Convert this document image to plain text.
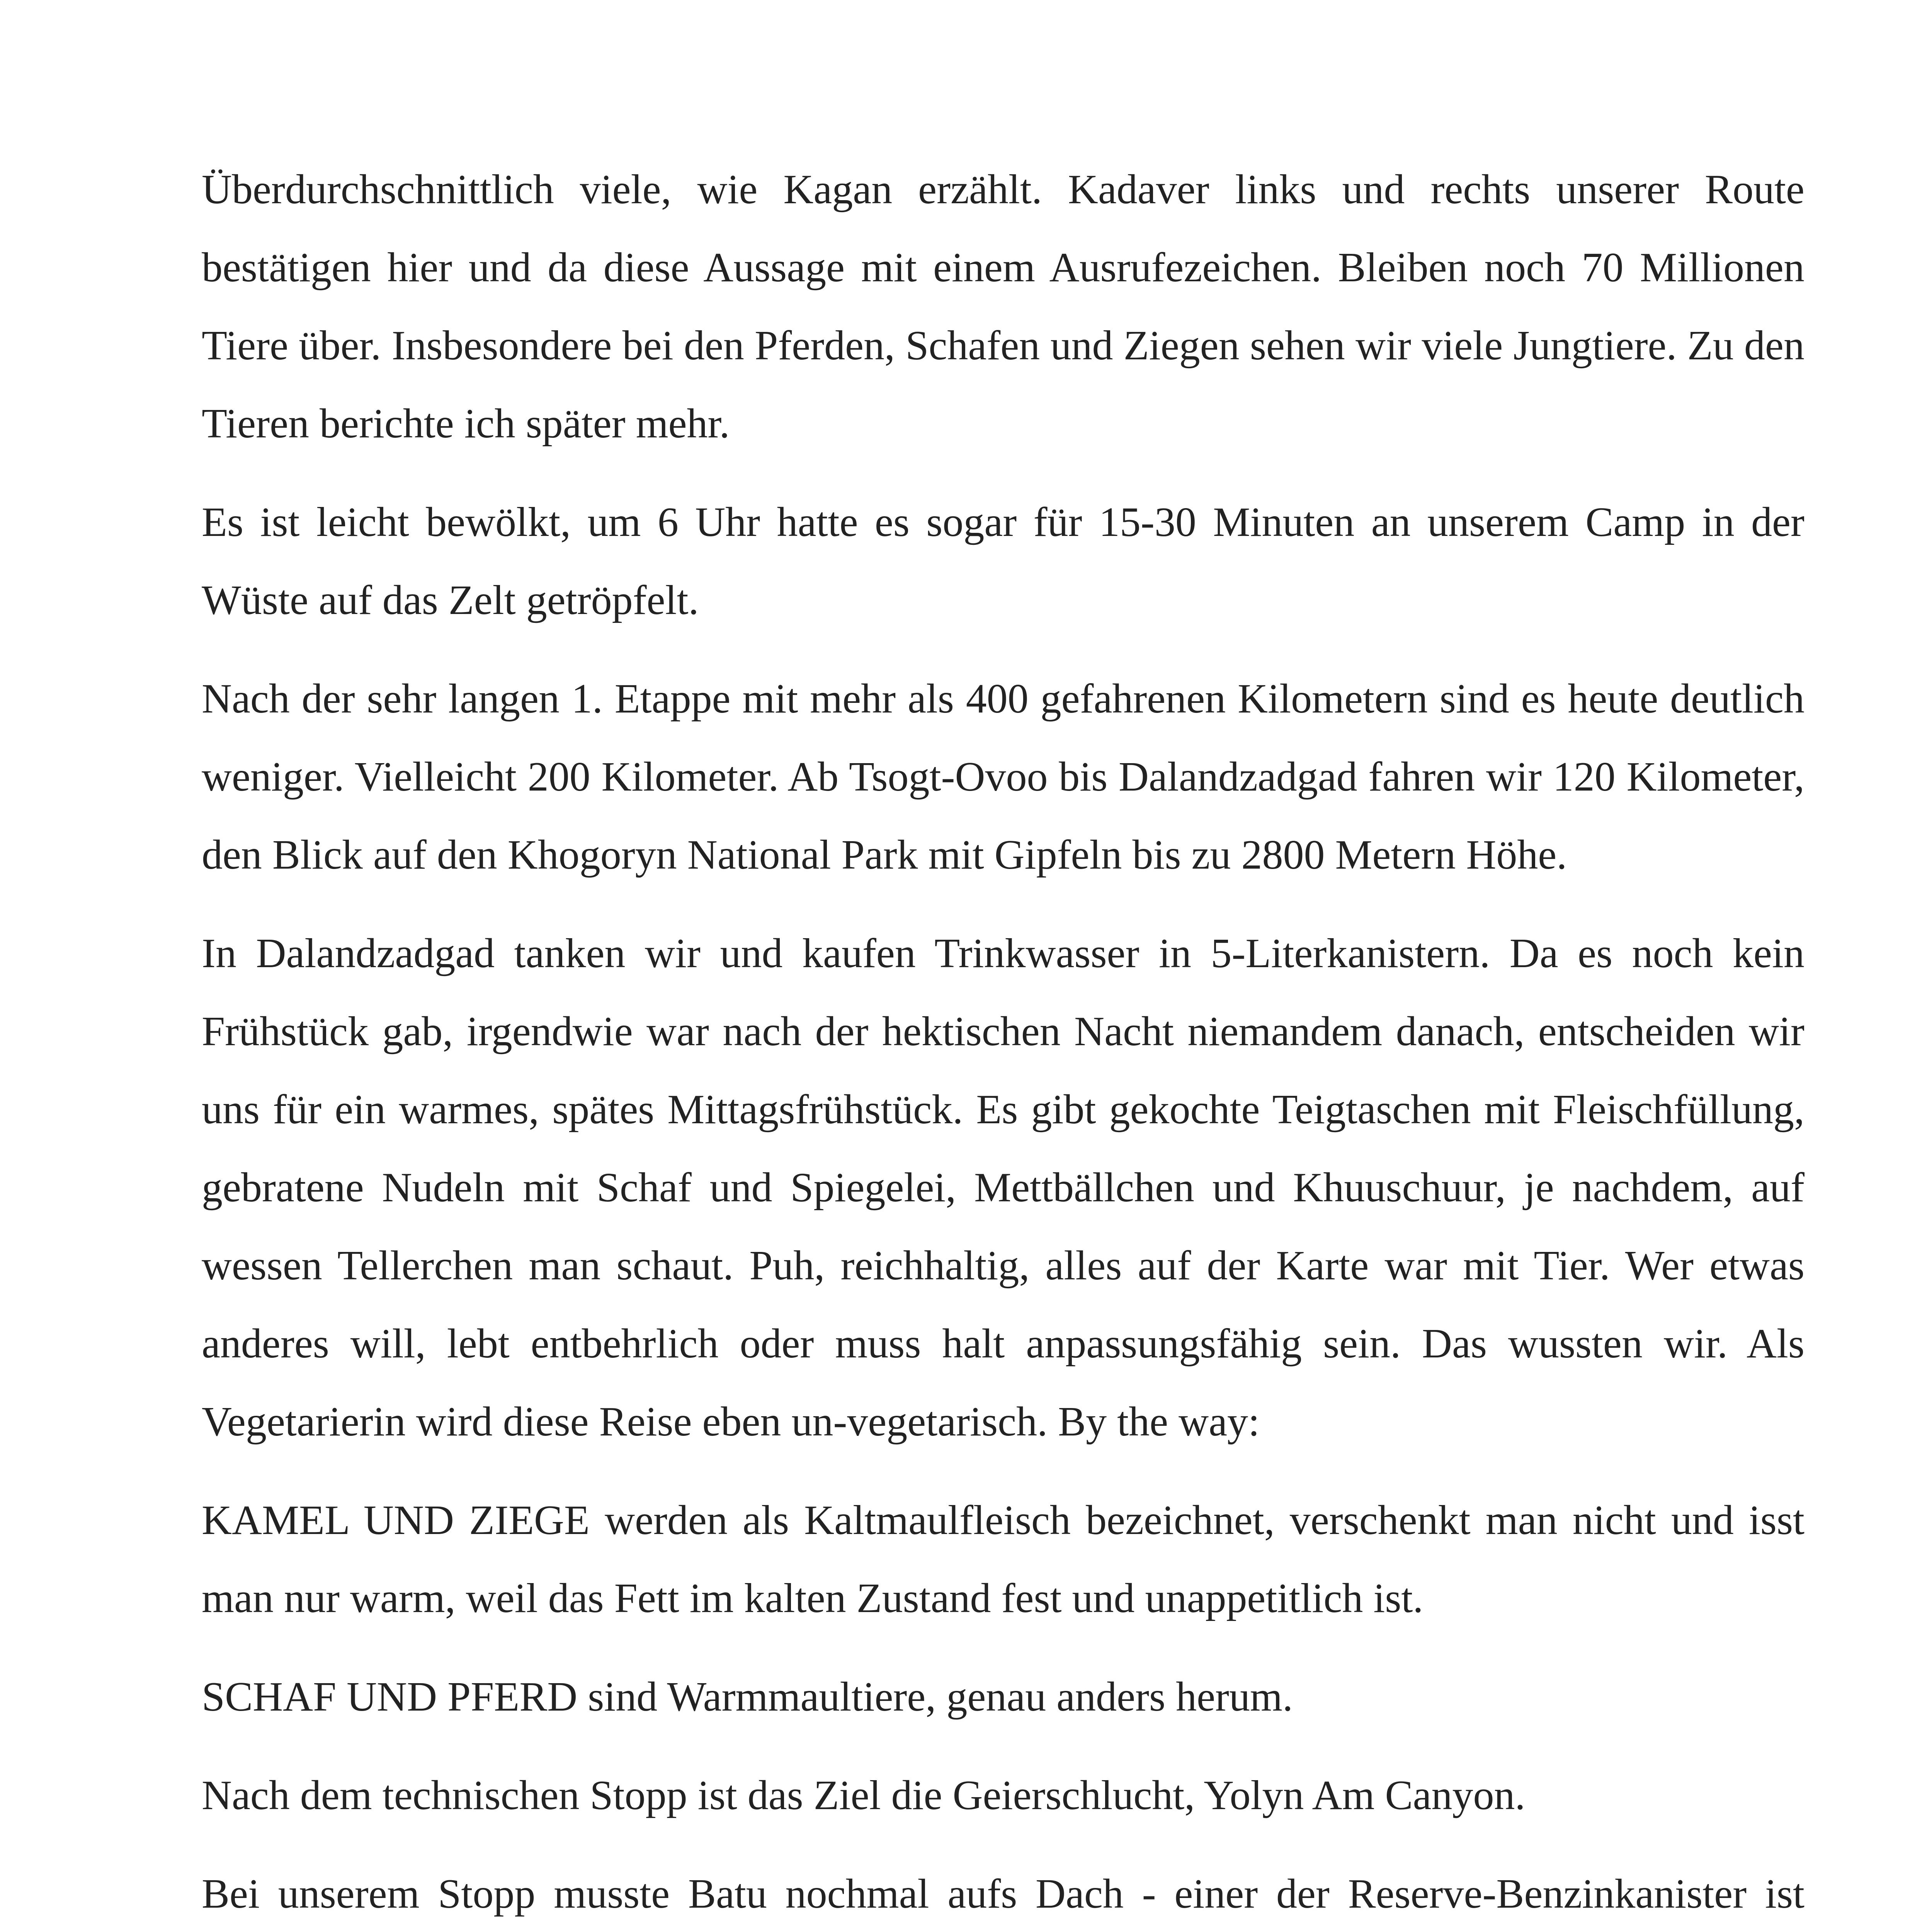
Überdurchschnittlich viele, wie Kagan erzählt. Kadaver links und rechts unserer Route bestätigen hier und da diese Aussage mit einem Ausrufezeichen. Bleiben noch 70 Millionen Tiere über. Insbesondere bei den Pferden, Schafen und Ziegen sehen wir viele Jungtiere. Zu den Tieren berichte ich später mehr.

Es ist leicht bewölkt, um 6 Uhr hatte es sogar für 15-30 Minuten an unserem Camp in der Wüste auf das Zelt getröpfelt.

Nach der sehr langen 1. Etappe mit mehr als 400 gefahrenen Kilometern sind es heute deutlich weniger. Vielleicht 200 Kilometer. Ab Tsogt-Ovoo bis Dalandzadgad fahren wir 120 Kilometer, den Blick auf den Khogoryn National Park mit Gipfeln bis zu 2800 Metern Höhe.

In Dalandzadgad tanken wir und kaufen Trinkwasser in 5-Literkanistern. Da es noch kein Frühstück gab, irgendwie war nach der hektischen Nacht niemandem danach, entscheiden wir uns für ein warmes, spätes Mittagsfrühstück. Es gibt gekochte Teigtaschen mit Fleischfüllung, gebratene Nudeln mit Schaf und Spiegelei, Mettbällchen und Khuuschuur, je nachdem, auf wessen Tellerchen man schaut. Puh, reichhaltig, alles auf der Karte war mit Tier. Wer etwas anderes will, lebt entbehrlich oder muss halt anpassungsfähig sein. Das wussten wir. Als Vegetarierin wird diese Reise eben un-vegetarisch. By the way:

KAMEL UND ZIEGE werden als Kaltmaulfleisch bezeichnet, verschenkt man nicht und isst man nur warm, weil das Fett im kalten Zustand fest und unappetitlich ist.

SCHAF UND PFERD sind Warmmaultiere, genau anders herum.

Nach dem technischen Stopp ist das Ziel die Geierschlucht, Yolyn Am Canyon.

Bei unserem Stopp musste Batu nochmal aufs Dach - einer der Reserve-Benzinkanister ist
